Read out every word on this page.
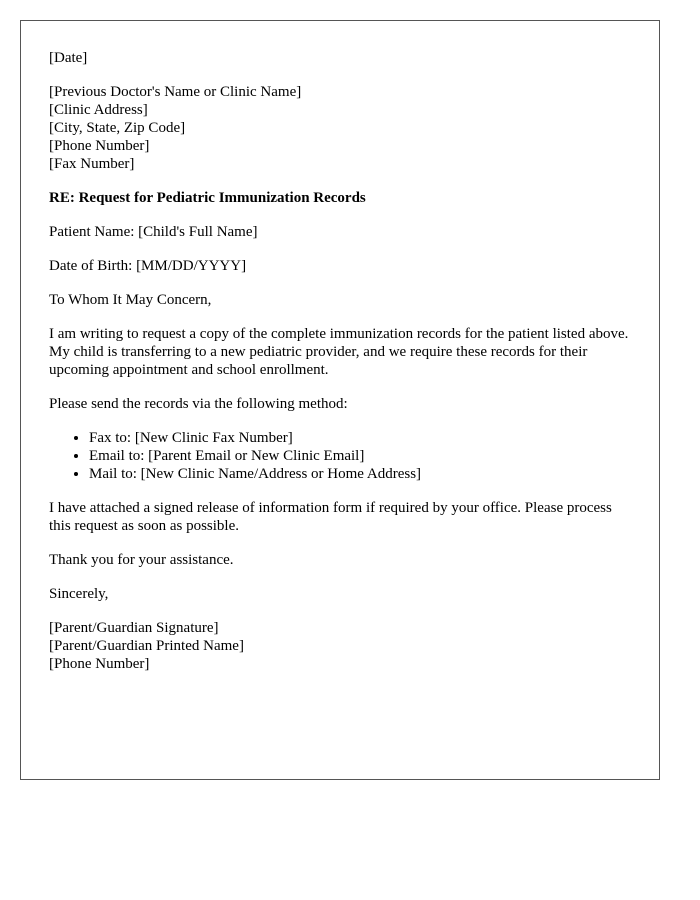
[Date]
[Previous Doctor's Name or Clinic Name]
[Clinic Address]
[City, State, Zip Code]
[Phone Number]
[Fax Number]
RE: Request for Pediatric Immunization Records
Patient Name: [Child's Full Name]
Date of Birth: [MM/DD/YYYY]
To Whom It May Concern,
I am writing to request a copy of the complete immunization records for the patient listed above. My child is transferring to a new pediatric provider, and we require these records for their upcoming appointment and school enrollment.
Please send the records via the following method:
• Fax to: [New Clinic Fax Number]
• Email to: [Parent Email or New Clinic Email]
• Mail to: [New Clinic Name/Address or Home Address]
I have attached a signed release of information form if required by your office. Please process this request as soon as possible.
Thank you for your assistance.
Sincerely,
[Parent/Guardian Signature]
[Parent/Guardian Printed Name]
[Phone Number]
